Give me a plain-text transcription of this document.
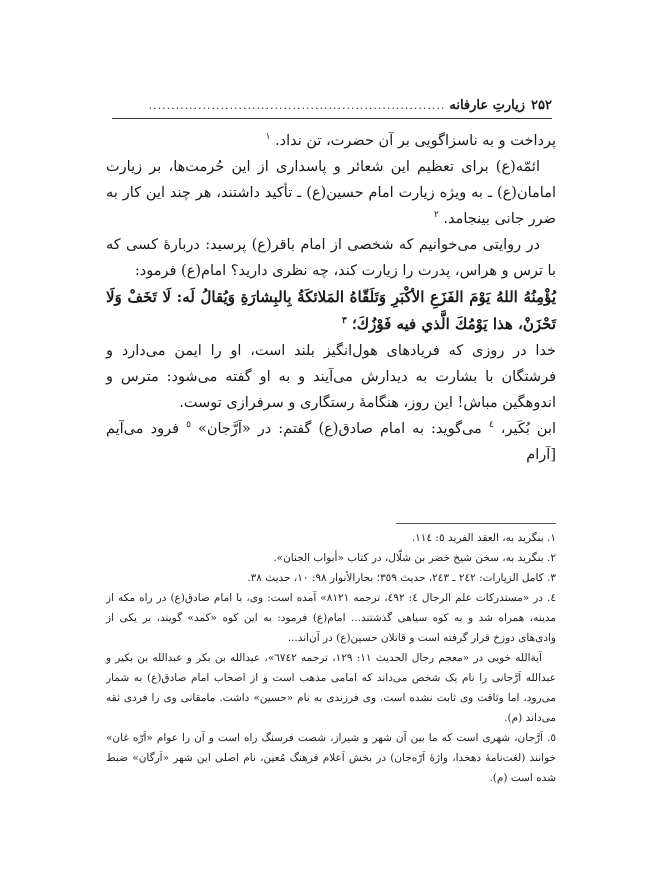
۲۵۲
زیارتِ عارفانه
..................................................................

پرداخت و به ناسزاگویی بر آن حضرت، تن نداد. $^۱$

ائمّه(ع) برای تعظیم این شعائر و پاسداری از این حُرمت‌ها، بر زیارت امامان(ع) ـ به ویژه زیارت امام حسین(ع) ـ تأکید داشتند، هر چند این کار به ضرر جانی بینجامد. $^۲$

در روایتی می‌خوانیم که شخصی از امام باقر(ع) پرسید: دربارهٔ کسی که با ترس و هراس، پدرت را زیارت کند، چه نظری دارید؟ امام(ع) فرمود:

يُؤْمِنُهُ اللهُ يَوْمَ الفَزَعِ الأكْبَرِ وَتَلَقّاهُ المَلائكَةُ بِالبِشارَةِ وَيُقالُ لَه: لَا تَخَفْ وَلَا تَحْزَنْ، هذا يَوْمُكَ الَّذي فيه فَوْزُكَ؛ $^۳$

خدا در روزی که فریادهای هول‌انگیز بلند است، او را ایمن می‌دارد و فرشتگان با بشارت به دیدارش می‌آیند و به او گفته می‌شود: مترس و اندوهگین مباش! این روز، هنگامهٔ رستگاری و سرفرازی توست.

ابن بُکَیر، $^٤$ می‌گوید: به امام صادق(ع) گفتم: در «اَرَّجان» $^٥$ فرود می‌آیم [آرام

۱. بنگرید به، العقد الفرید ٥: ١١٤.

۲. بنگرید به، سخن شیخ خضر بن شلّال، در کتاب «أبواب الجنان».

۳. کامل الزیارات: ٢٤٢ ـ ٢٤٣، حدیث ٣٥٩؛ بحارالأنوار ٩٨: ١٠، حدیث ٣٨.

٤. در «مستدرکات علم الرجال ٤: ٤٩٢، ترجمه ٨١٢١» آمده است: وی، با امام صادق(ع) در راه مکه از مدینه، همراه شد و به کوه سیاهی گذشتند... امام(ع) فرمود: به این کوه «کمد» گویند، بر یکی از وادی‌های دوزخ قرار گرفته است و قاتلان حسین(ع) در آن‌اند...

آیةالله خویی در «معجم رجال الحدیث ١١: ١٢٩، ترجمه ٦٧٤٢»، عبدالله بن بکر و عبدالله بن بکیر و عبدالله اَرَّجانی را نام یک شخص می‌داند که امامی مذهب است و از اصحاب امام صادق(ع) به شمار می‌رود، اما وثاقت وی ثابت نشده است. وی فرزندی به نام «حسین» داشت. مامقانی وی را فردی ثقه می‌داند (م).

٥. اَرَّجان، شهری است که ما بین آن شهر و شیراز، شصت فرسنگ راه است و آن را عوام «اَرّه غان» خوانند (لغت‌نامهٔ دهخدا، واژهٔ اَرّه‌جان) در بخش اَعلام فرهنگ مُعین، نام اصلی این شهر «اَرگان» ضبط شده است (م).
